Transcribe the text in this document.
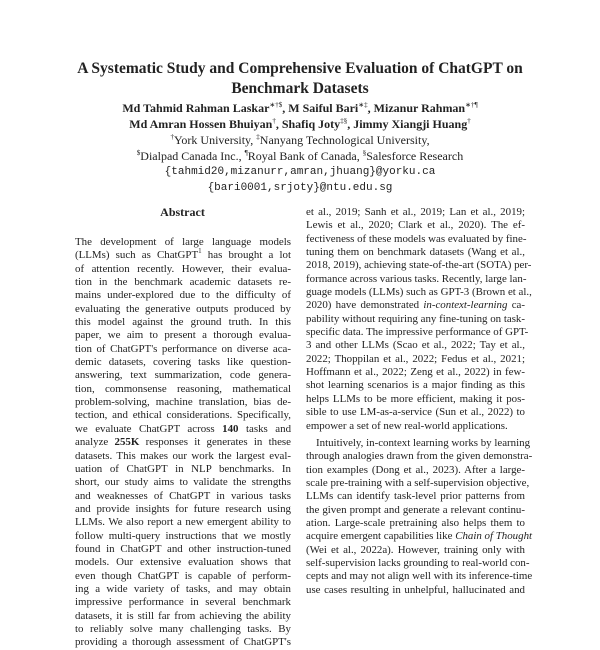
A Systematic Study and Comprehensive Evaluation of ChatGPT on
Benchmark Datasets
Md Tahmid Rahman Laskar∗†$, M Saiful Bari∗‡, Mizanur Rahman∗†¶
Md Amran Hossen Bhuiyan†, Shafiq Joty‡§, Jimmy Xiangji Huang†
†York University, ‡Nanyang Technological University,
$Dialpad Canada Inc., ¶Royal Bank of Canada, §Salesforce Research
{tahmid20,mizanurr,amran,jhuang}@yorku.ca
{bari0001,srjoty}@ntu.edu.sg
Abstract
The development of large language models
(LLMs) such as ChatGPT$^1$ has brought a lot
of attention recently. However, their evalua-
tion in the benchmark academic datasets re-
mains under-explored due to the difficulty of
evaluating the generative outputs produced by
this model against the ground truth. In this
paper, we aim to present a thorough evalua-
tion of ChatGPT's performance on diverse aca-
demic datasets, covering tasks like question-
answering, text summarization, code genera-
tion, commonsense reasoning, mathematical
problem-solving, machine translation, bias de-
tection, and ethical considerations. Specifically,
we evaluate ChatGPT across 140 tasks and
analyze 255K responses it generates in these
datasets. This makes our work the largest eval-
uation of ChatGPT in NLP benchmarks. In
short, our study aims to validate the strengths
and weaknesses of ChatGPT in various tasks
and provide insights for future research using
LLMs. We also report a new emergent ability to
follow multi-query instructions that we mostly
found in ChatGPT and other instruction-tuned
models. Our extensive evaluation shows that
even though ChatGPT is capable of perform-
ing a wide variety of tasks, and may obtain
impressive performance in several benchmark
datasets, it is still far from achieving the ability
to reliably solve many challenging tasks. By
providing a thorough assessment of ChatGPT's
et al., 2019; Sanh et al., 2019; Lan et al., 2019;
Lewis et al., 2020; Clark et al., 2020). The ef-
fectiveness of these models was evaluated by fine-
tuning them on benchmark datasets (Wang et al.,
2018, 2019), achieving state-of-the-art (SOTA) per-
formance across various tasks. Recently, large lan-
guage models (LLMs) such as GPT-3 (Brown et al.,
2020) have demonstrated in-context-learning ca-
pability without requiring any fine-tuning on task-
specific data. The impressive performance of GPT-
3 and other LLMs (Scao et al., 2022; Tay et al.,
2022; Thoppilan et al., 2022; Fedus et al., 2021;
Hoffmann et al., 2022; Zeng et al., 2022) in few-
shot learning scenarios is a major finding as this
helps LLMs to be more efficient, making it pos-
sible to use LM-as-a-service (Sun et al., 2022) to
empower a set of new real-world applications.
Intuitively, in-context learning works by learning
through analogies drawn from the given demonstra-
tion examples (Dong et al., 2023). After a large-
scale pre-training with a self-supervision objective,
LLMs can identify task-level prior patterns from
the given prompt and generate a relevant continu-
ation. Large-scale pretraining also helps them to
acquire emergent capabilities like Chain of Thought
(Wei et al., 2022a). However, training only with
self-supervision lacks grounding to real-world con-
cepts and may not align well with its inference-time
use cases resulting in unhelpful, hallucinated and
